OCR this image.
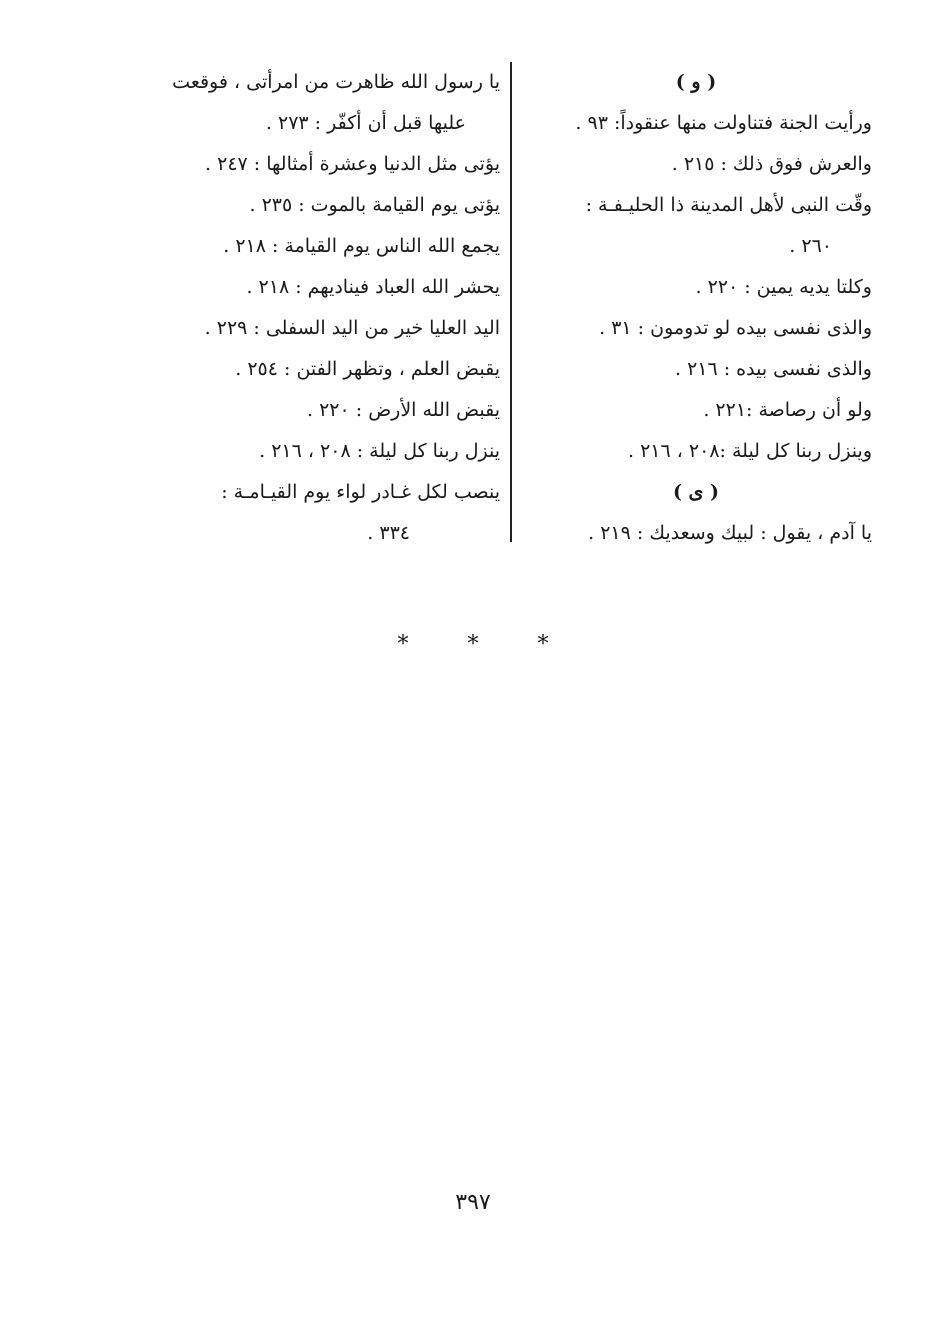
( و )
ورأيت الجنة فتناولت منها عنقوداً: ٩٣ .
والعرش فوق ذلك : ٢١٥ .
وقّت النبى لأهل المدينة ذا الحليـفـة :
٢٦٠ .
وكلتا يديه يمين : ٢٢٠ .
والذى نفسى بيده لو تدومون : ٣١ .
والذى نفسى بيده : ٢١٦ .
ولو أن رصاصة :٢٢١ .
وينزل ربنا كل ليلة :٢٠٨ ، ٢١٦ .
( ى )
يا آدم ، يقول : لبيك وسعديك : ٢١٩ .
يا رسول الله ظاهرت من امرأتى ، فوقعت
عليها قبل أن أكفّر : ٢٧٣ .
يؤتى مثل الدنيا وعشرة أمثالها : ٢٤٧ .
يؤتى يوم القيامة بالموت : ٢٣٥ .
يجمع الله الناس يوم القيامة : ٢١٨ .
يحشر الله العباد فيناديهم : ٢١٨ .
اليد العليا خير من اليد السفلى : ٢٢٩ .
يقبض العلم ، وتظهر الفتن : ٢٥٤ .
يقبض الله الأرض : ٢٢٠ .
ينزل ربنا كل ليلة : ٢٠٨ ، ٢١٦ .
ينصب لكل غـادر لواء يوم القيـامـة :
٣٣٤ .
*	*	*
٣٩٧
